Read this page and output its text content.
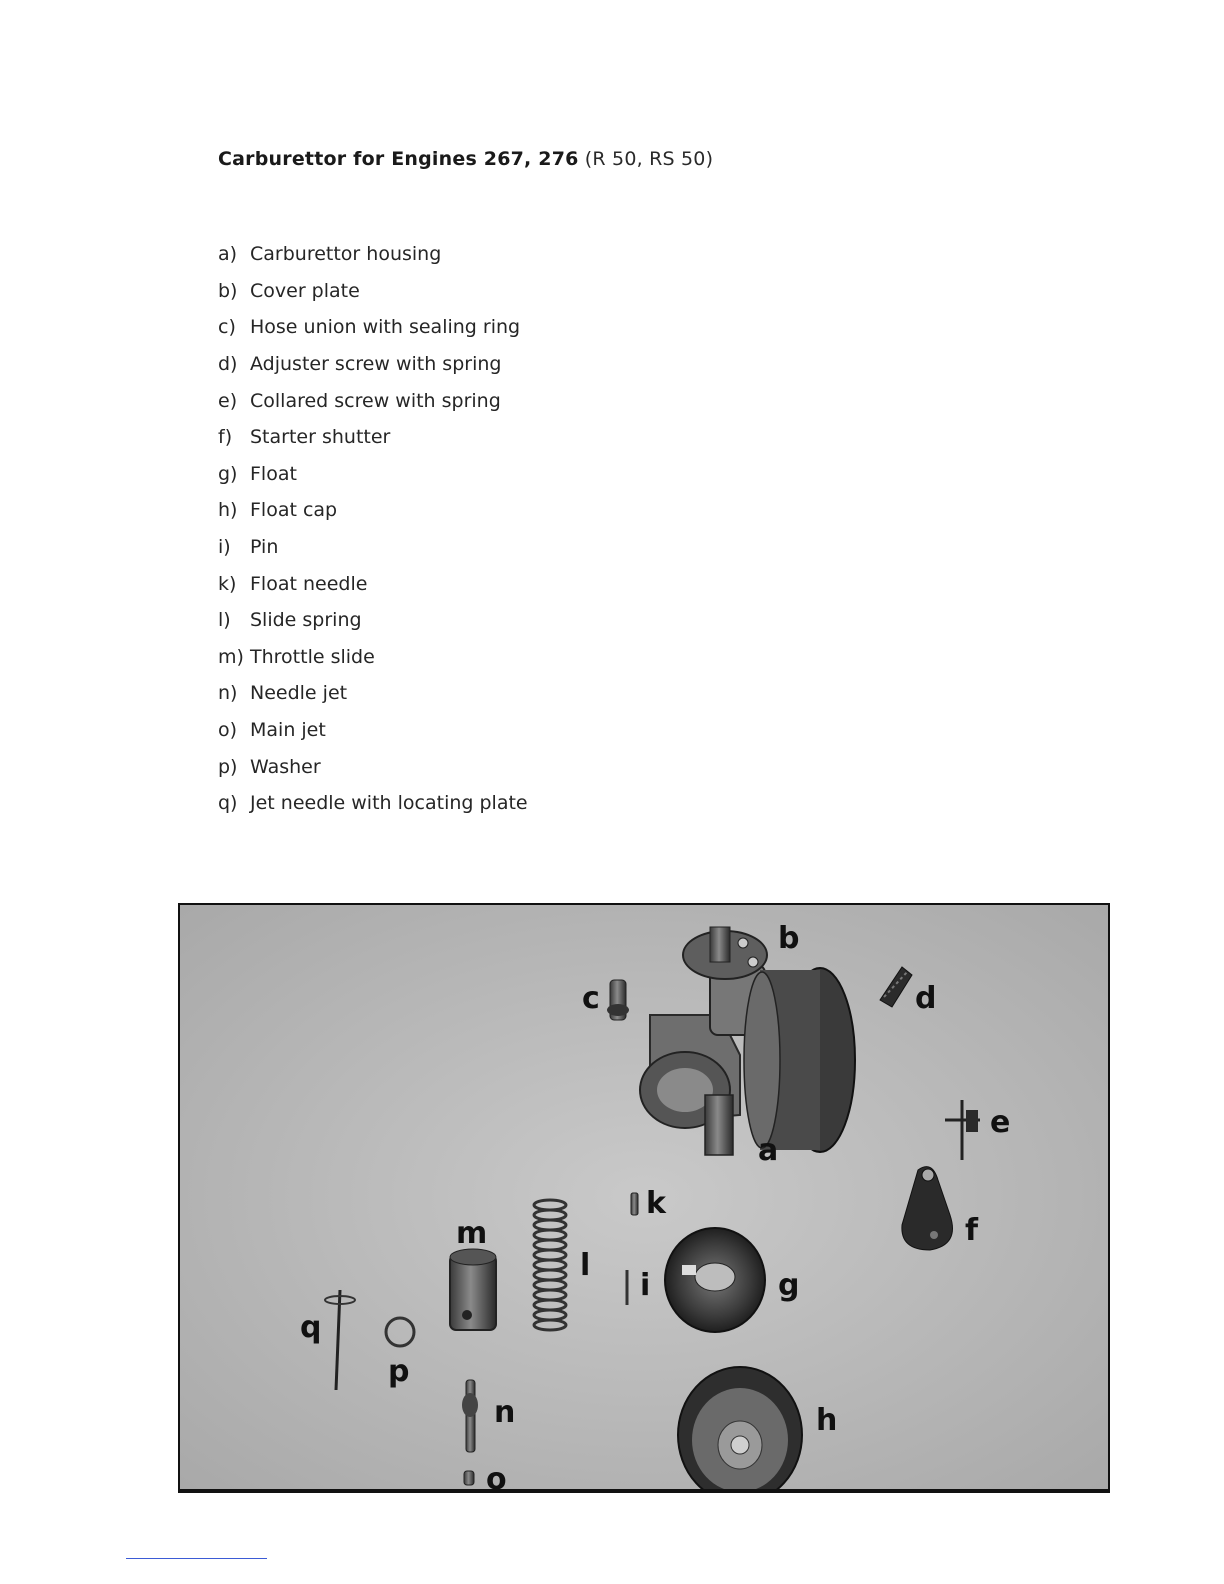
Carburettor for Engines 267, 276 (R 50, RS 50)
a) Carburettor housing
b) Cover plate
c) Hose union with sealing ring
d) Adjuster screw with spring
e) Collared screw with spring
f) Starter shutter
g) Float
h) Float cap
i)	Pin
k) Float needle
l)	Slide spring
m) Throttle slide
n) Needle jet
o) Main jet
p) Washer
q) Jet needle with locating plate
a
b
c	d
e
f
g
h
i
k
l
m
n
o
p
q
